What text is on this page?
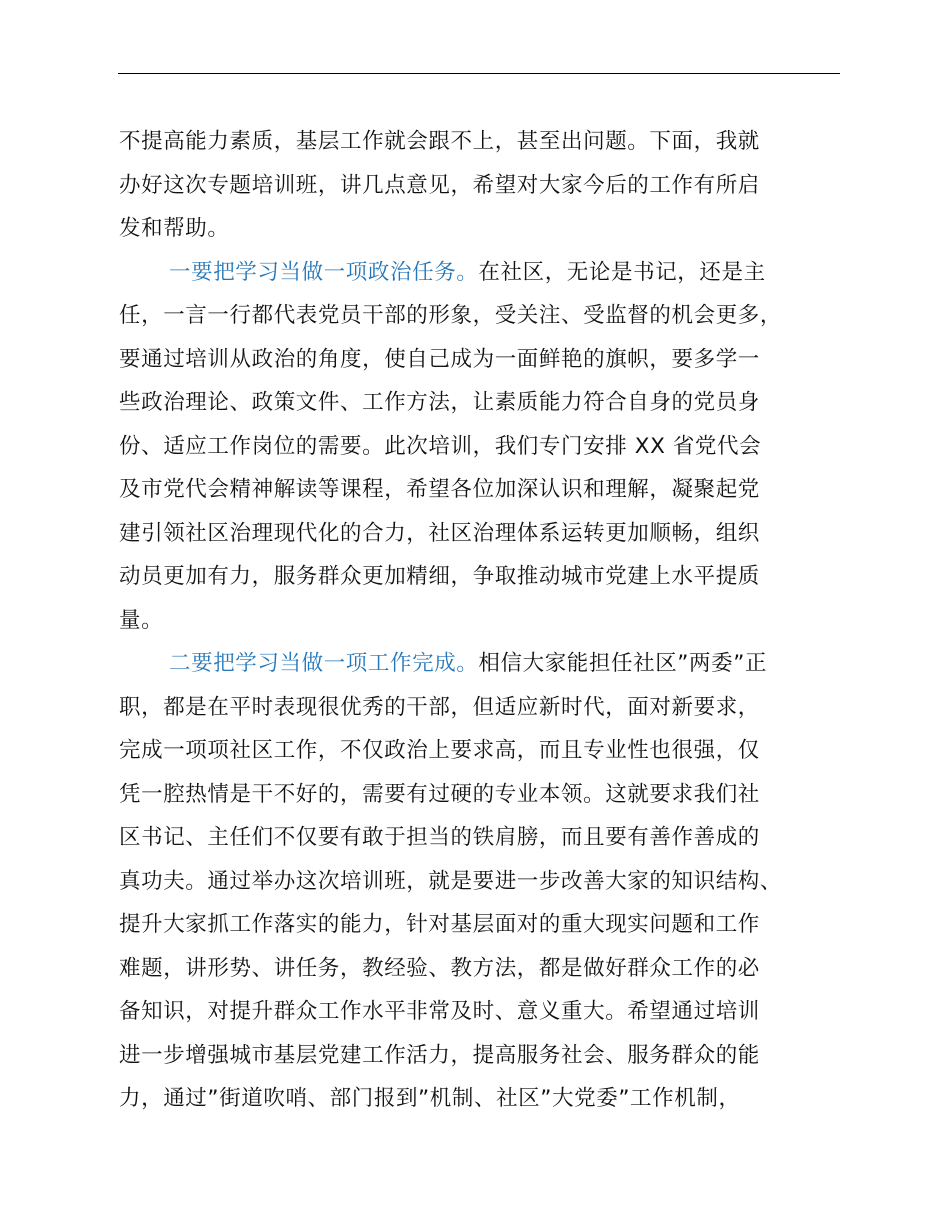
不提高能力素质，基层工作就会跟不上，甚至出问题。下面，我就
办好这次专题培训班，讲几点意见，希望对大家今后的工作有所启
发和帮助。
一要把学习当做一项政治任务。在社区，无论是书记，还是主
任，一言一行都代表党员干部的形象，受关注、受监督的机会更多，
要通过培训从政治的角度，使自己成为一面鲜艳的旗帜，要多学一
些政治理论、政策文件、工作方法，让素质能力符合自身的党员身
份、适应工作岗位的需要。此次培训，我们专门安排 XX 省党代会
及市党代会精神解读等课程，希望各位加深认识和理解，凝聚起党
建引领社区治理现代化的合力，社区治理体系运转更加顺畅，组织
动员更加有力，服务群众更加精细，争取推动城市党建上水平提质
量。
二要把学习当做一项工作完成。相信大家能担任社区”两委”正
职，都是在平时表现很优秀的干部，但适应新时代，面对新要求，
完成一项项社区工作，不仅政治上要求高，而且专业性也很强，仅
凭一腔热情是干不好的，需要有过硬的专业本领。这就要求我们社
区书记、主任们不仅要有敢于担当的铁肩膀，而且要有善作善成的
真功夫。通过举办这次培训班，就是要进一步改善大家的知识结构、
提升大家抓工作落实的能力，针对基层面对的重大现实问题和工作
难题，讲形势、讲任务，教经验、教方法，都是做好群众工作的必
备知识，对提升群众工作水平非常及时、意义重大。希望通过培训
进一步增强城市基层党建工作活力，提高服务社会、服务群众的能
力，通过”街道吹哨、部门报到”机制、社区”大党委”工作机制，
